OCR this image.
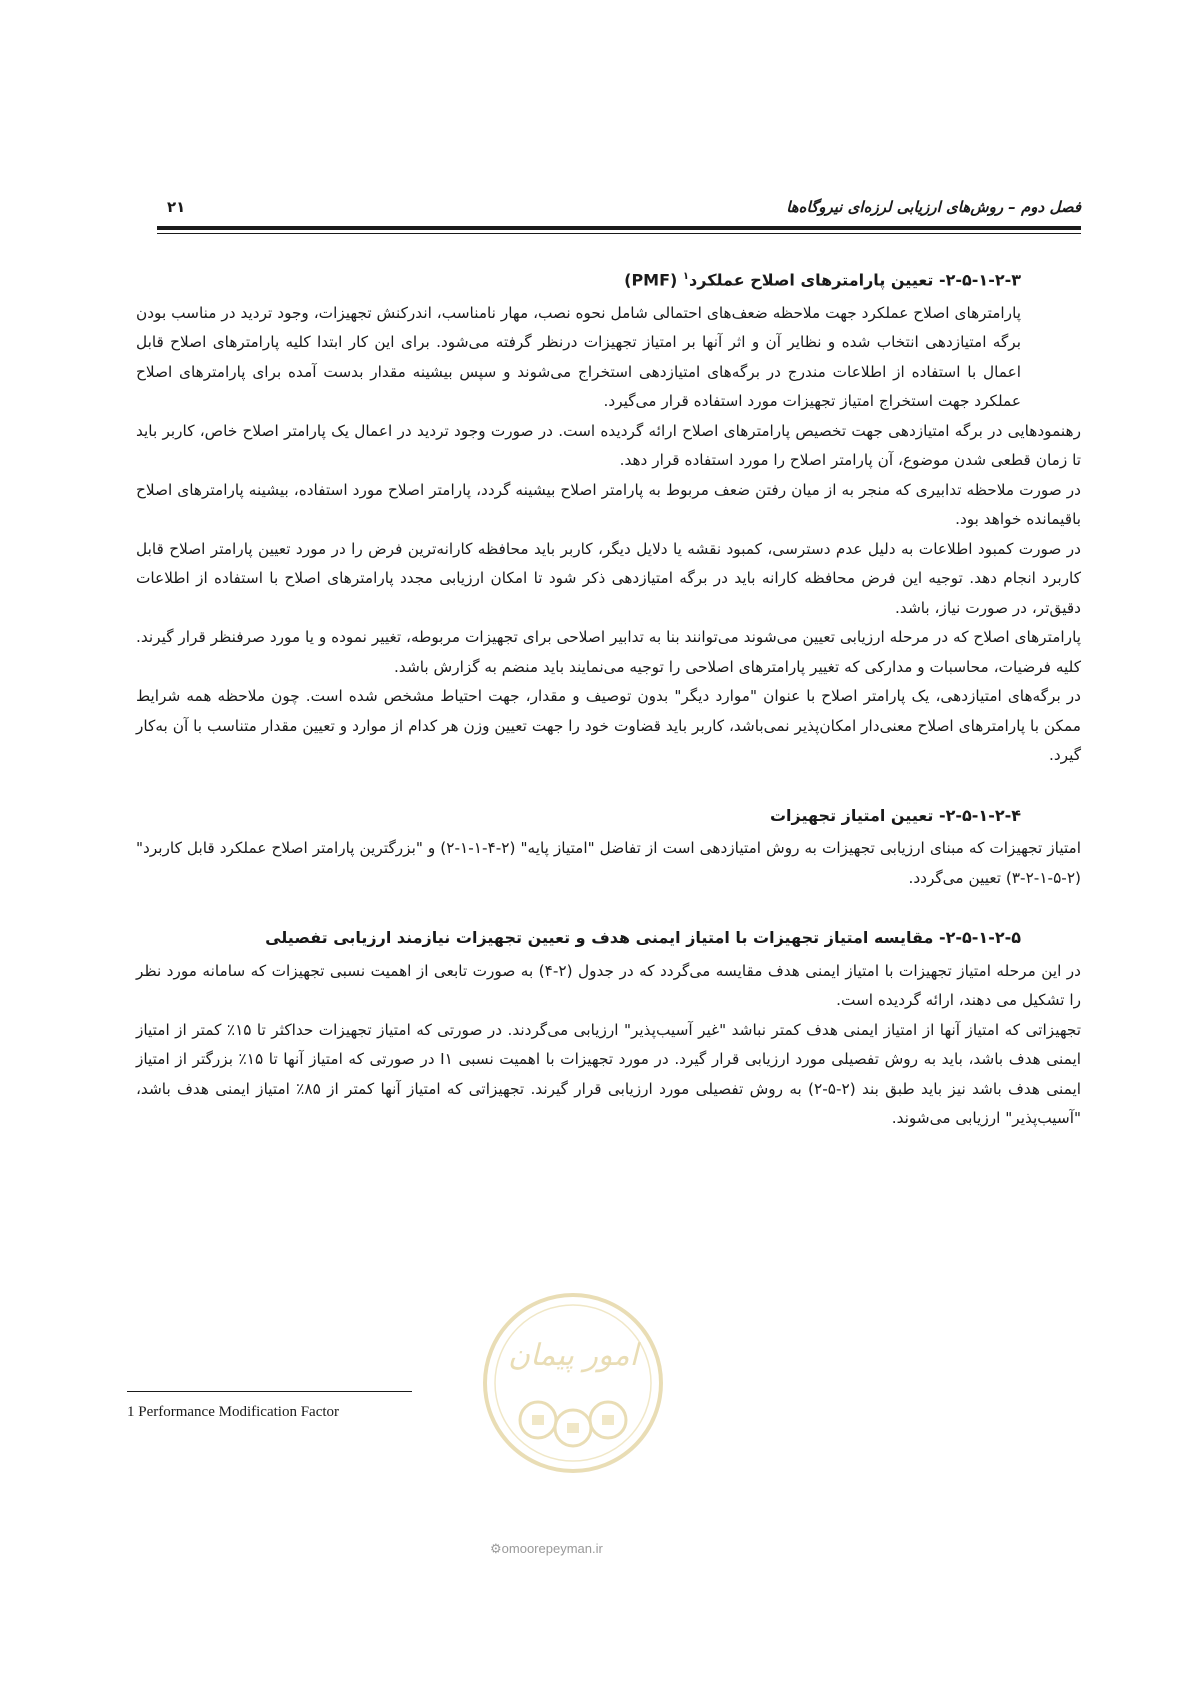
فصل دوم – روش‌های ارزیابی لرزه‌ای نیروگاه‌ها
۲۱
۲-۵-۱-۲-۳- تعیین پارامترهای اصلاح عملکرد$^۱$ (PMF)

پارامترهای اصلاح عملکرد جهت ملاحظه ضعف‌های احتمالی شامل نحوه نصب، مهار نامناسب، اندرکنش تجهیزات، وجود تردید در مناسب بودن برگه امتیازدهی انتخاب شده و نظایر آن و اثر آنها بر امتیاز تجهیزات درنظر گرفته می‌شود. برای این کار ابتدا کلیه پارامترهای اصلاح قابل اعمال با استفاده از اطلاعات مندرج در برگه‌های امتیازدهی استخراج می‌شوند و سپس بیشینه مقدار بدست آمده برای پارامترهای اصلاح عملکرد جهت استخراج امتیاز تجهیزات مورد استفاده قرار می‌گیرد.

رهنمودهایی در برگه امتیازدهی جهت تخصیص پارامترهای اصلاح ارائه گردیده است. در صورت وجود تردید در اعمال یک پارامتر اصلاح خاص، کاربر باید تا زمان قطعی شدن موضوع، آن پارامتر اصلاح را مورد استفاده قرار دهد.

در صورت ملاحظه تدابیری که منجر به از میان رفتن ضعف مربوط به پارامتر اصلاح بیشینه گردد، پارامتر اصلاح مورد استفاده، بیشینه پارامترهای اصلاح باقیمانده خواهد بود.

در صورت کمبود اطلاعات به دلیل عدم دسترسی، کمبود نقشه یا دلایل دیگر، کاربر باید محافظه کارانه‌ترین فرض را در مورد تعیین پارامتر اصلاح قابل کاربرد انجام دهد. توجیه این فرض محافظه کارانه باید در برگه امتیازدهی ذکر شود تا امکان ارزیابی مجدد پارامترهای اصلاح با استفاده از اطلاعات دقیق‌تر، در صورت نیاز، باشد.

پارامترهای اصلاح که در مرحله ارزیابی تعیین می‌شوند می‌توانند بنا به تدابیر اصلاحی برای تجهیزات مربوطه، تغییر نموده و یا مورد صرفنظر قرار گیرند. کلیه فرضیات، محاسبات و مدارکی که تغییر پارامترهای اصلاحی را توجیه می‌نمایند باید منضم به گزارش باشد.

در برگه‌های امتیازدهی، یک پارامتر اصلاح با عنوان "موارد دیگر" بدون توصیف و مقدار، جهت احتیاط مشخص شده است. چون ملاحظه همه شرایط ممکن با پارامترهای اصلاح معنی‌دار امکان‌پذیر نمی‌باشد، کاربر باید قضاوت خود را جهت تعیین وزن هر کدام از موارد و تعیین مقدار متناسب با آن به‌کار گیرد.

۲-۵-۱-۲-۴- تعیین امتیاز تجهیزات

امتیاز تجهیزات که مبنای ارزیابی تجهیزات به روش امتیازدهی است از تفاضل "امتیاز پایه" (۲-۴-۱-۱-۲) و "بزرگترین پارامتر اصلاح عملکرد قابل کاربرد" (۲-۵-۱-۲-۳) تعیین می‌گردد.

۲-۵-۱-۲-۵- مقایسه امتیاز تجهیزات با امتیاز ایمنی هدف و تعیین تجهیزات نیازمند ارزیابی تفصیلی

در این مرحله امتیاز تجهیزات با امتیاز ایمنی هدف مقایسه می‌گردد که در جدول (۲-۴) به صورت تابعی از اهمیت نسبی تجهیزات که سامانه مورد نظر را تشکیل می دهند، ارائه گردیده است.

تجهیزاتی که امتیاز آنها از امتیاز ایمنی هدف کمتر نباشد "غیر آسیب‌پذیر" ارزیابی می‌گردند. در صورتی که امتیاز تجهیزات حداکثر تا ۱۵٪ کمتر از امتیاز ایمنی هدف باشد، باید به روش تفصیلی مورد ارزیابی قرار گیرد. در مورد تجهیزات با اهمیت نسبی I۱ در صورتی که امتیاز آنها تا ۱۵٪ بزرگتر از امتیاز ایمنی هدف باشد نیز باید طبق بند (۲-۵-۲) به روش تفصیلی مورد ارزیابی قرار گیرند. تجهیزاتی که امتیاز آنها کمتر از ۸۵٪ امتیاز ایمنی هدف باشد، "آسیب‌پذیر" ارزیابی می‌شوند.

امور پیمان
⚙omoorepeyman.ir
1 Performance Modification Factor
